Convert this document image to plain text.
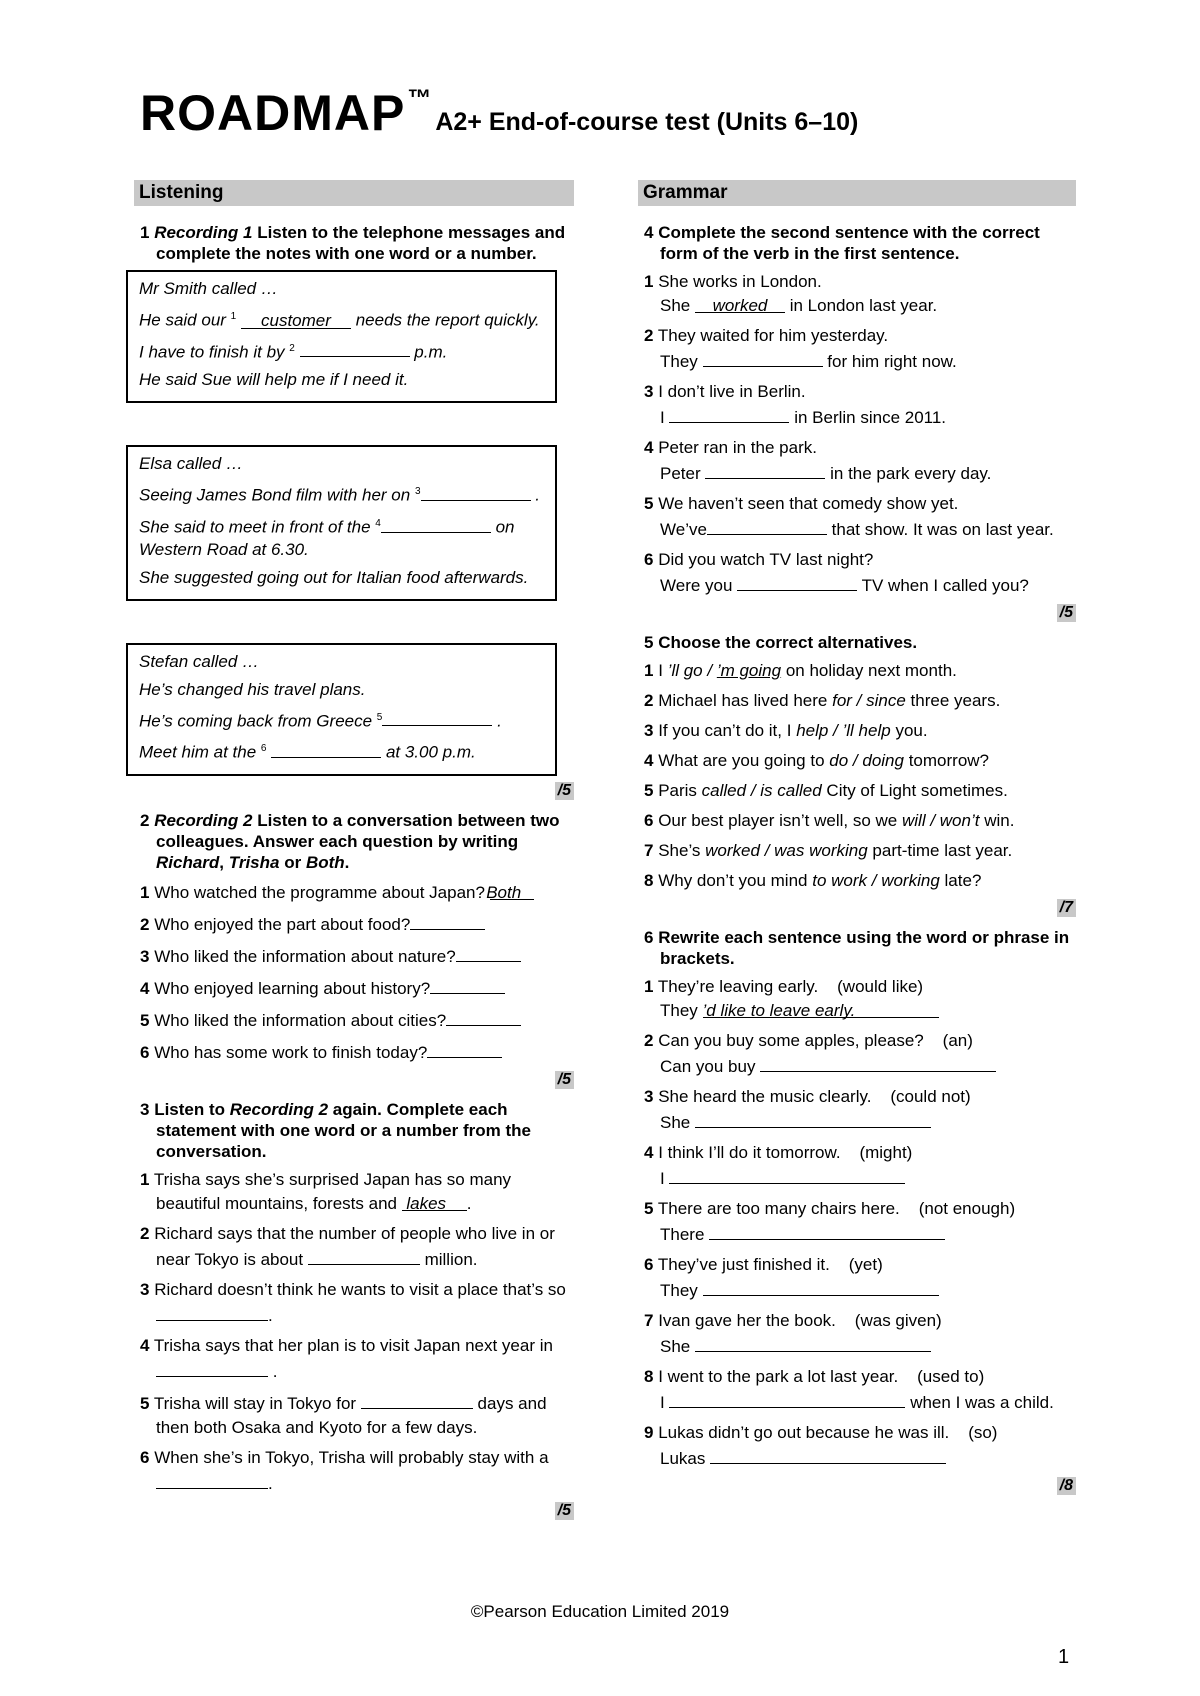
ROADMAP™A2+ End-of-course test (Units 6–10)
Listening
1 Recording 1 Listen to the telephone messages and complete the notes with one word or a number.
Mr Smith called …
He said our $^1$ customer needs the report quickly.
I have to finish it by $^2$	p.m.
He said Sue will help me if I need it.
Elsa called …
Seeing James Bond film with her on $^3$	.
She said to meet in front of the $^4$	on Western Road at 6.30.
She suggested going out for Italian food afterwards.
Stefan called …
He’s changed his travel plans.
He’s coming back from Greece $^5$	.
Meet him at the $^6$	at 3.00 p.m.
/5
2 Recording 2 Listen to a conversation between two colleagues. Answer each question by writing Richard, Trisha or Both.
1 Who watched the programme about Japan? Both
2 Who enjoyed the part about food?
3 Who liked the information about nature?
4 Who enjoyed learning about history?
5 Who liked the information about cities?
6 Who has some work to finish today?
/5
3 Listen to Recording 2 again. Complete each statement with one word or a number from the conversation.
1 Trisha says she’s surprised Japan has so many beautiful mountains, forests and lakes .
2 Richard says that the number of people who live in or near Tokyo is about	million.
3 Richard doesn’t think he wants to visit a place that’s so .
4 Trisha says that her plan is to visit Japan next year in  .
5 Trisha will stay in Tokyo for	days and then both Osaka and Kyoto for a few days.
6 When she’s in Tokyo, Trisha will probably stay with a .
/5
Grammar
4 Complete the second sentence with the correct form of the verb in the first sentence.
1 She works in London.
She worked in London last year.
2 They waited for him yesterday.
They	for him right now.
3 I don’t live in Berlin.
I	in Berlin since 2011.
4 Peter ran in the park.
Peter	in the park every day.
5 We haven’t seen that comedy show yet.
We’ve	that show. It was on last year.
6 Did you watch TV last night?
Were you	TV when I called you?
/5
5 Choose the correct alternatives.
1 I ’ll go / ’m going on holiday next month.
2 Michael has lived here for / since three years.
3 If you can’t do it, I help / ’ll help you.
4 What are you going to do / doing tomorrow?
5 Paris called / is called City of Light sometimes.
6 Our best player isn’t well, so we will / won’t win.
7 She’s worked / was working part-time last year.
8 Why don’t you mind to work / working late?
/7
6 Rewrite each sentence using the word or phrase in brackets.
1 They’re leaving early. (would like)
They ’d like to leave early.
2 Can you buy some apples, please? (an)
Can you buy
3 She heard the music clearly. (could not)
She
4 I think I’ll do it tomorrow. (might)
I
5 There are too many chairs here. (not enough)
There
6 They’ve just finished it. (yet)
They
7 Ivan gave her the book. (was given)
She
8 I went to the park a lot last year. (used to)
I	when I was a child.
9 Lukas didn’t go out because he was ill. (so)
Lukas
/8
©Pearson Education Limited 2019
1
